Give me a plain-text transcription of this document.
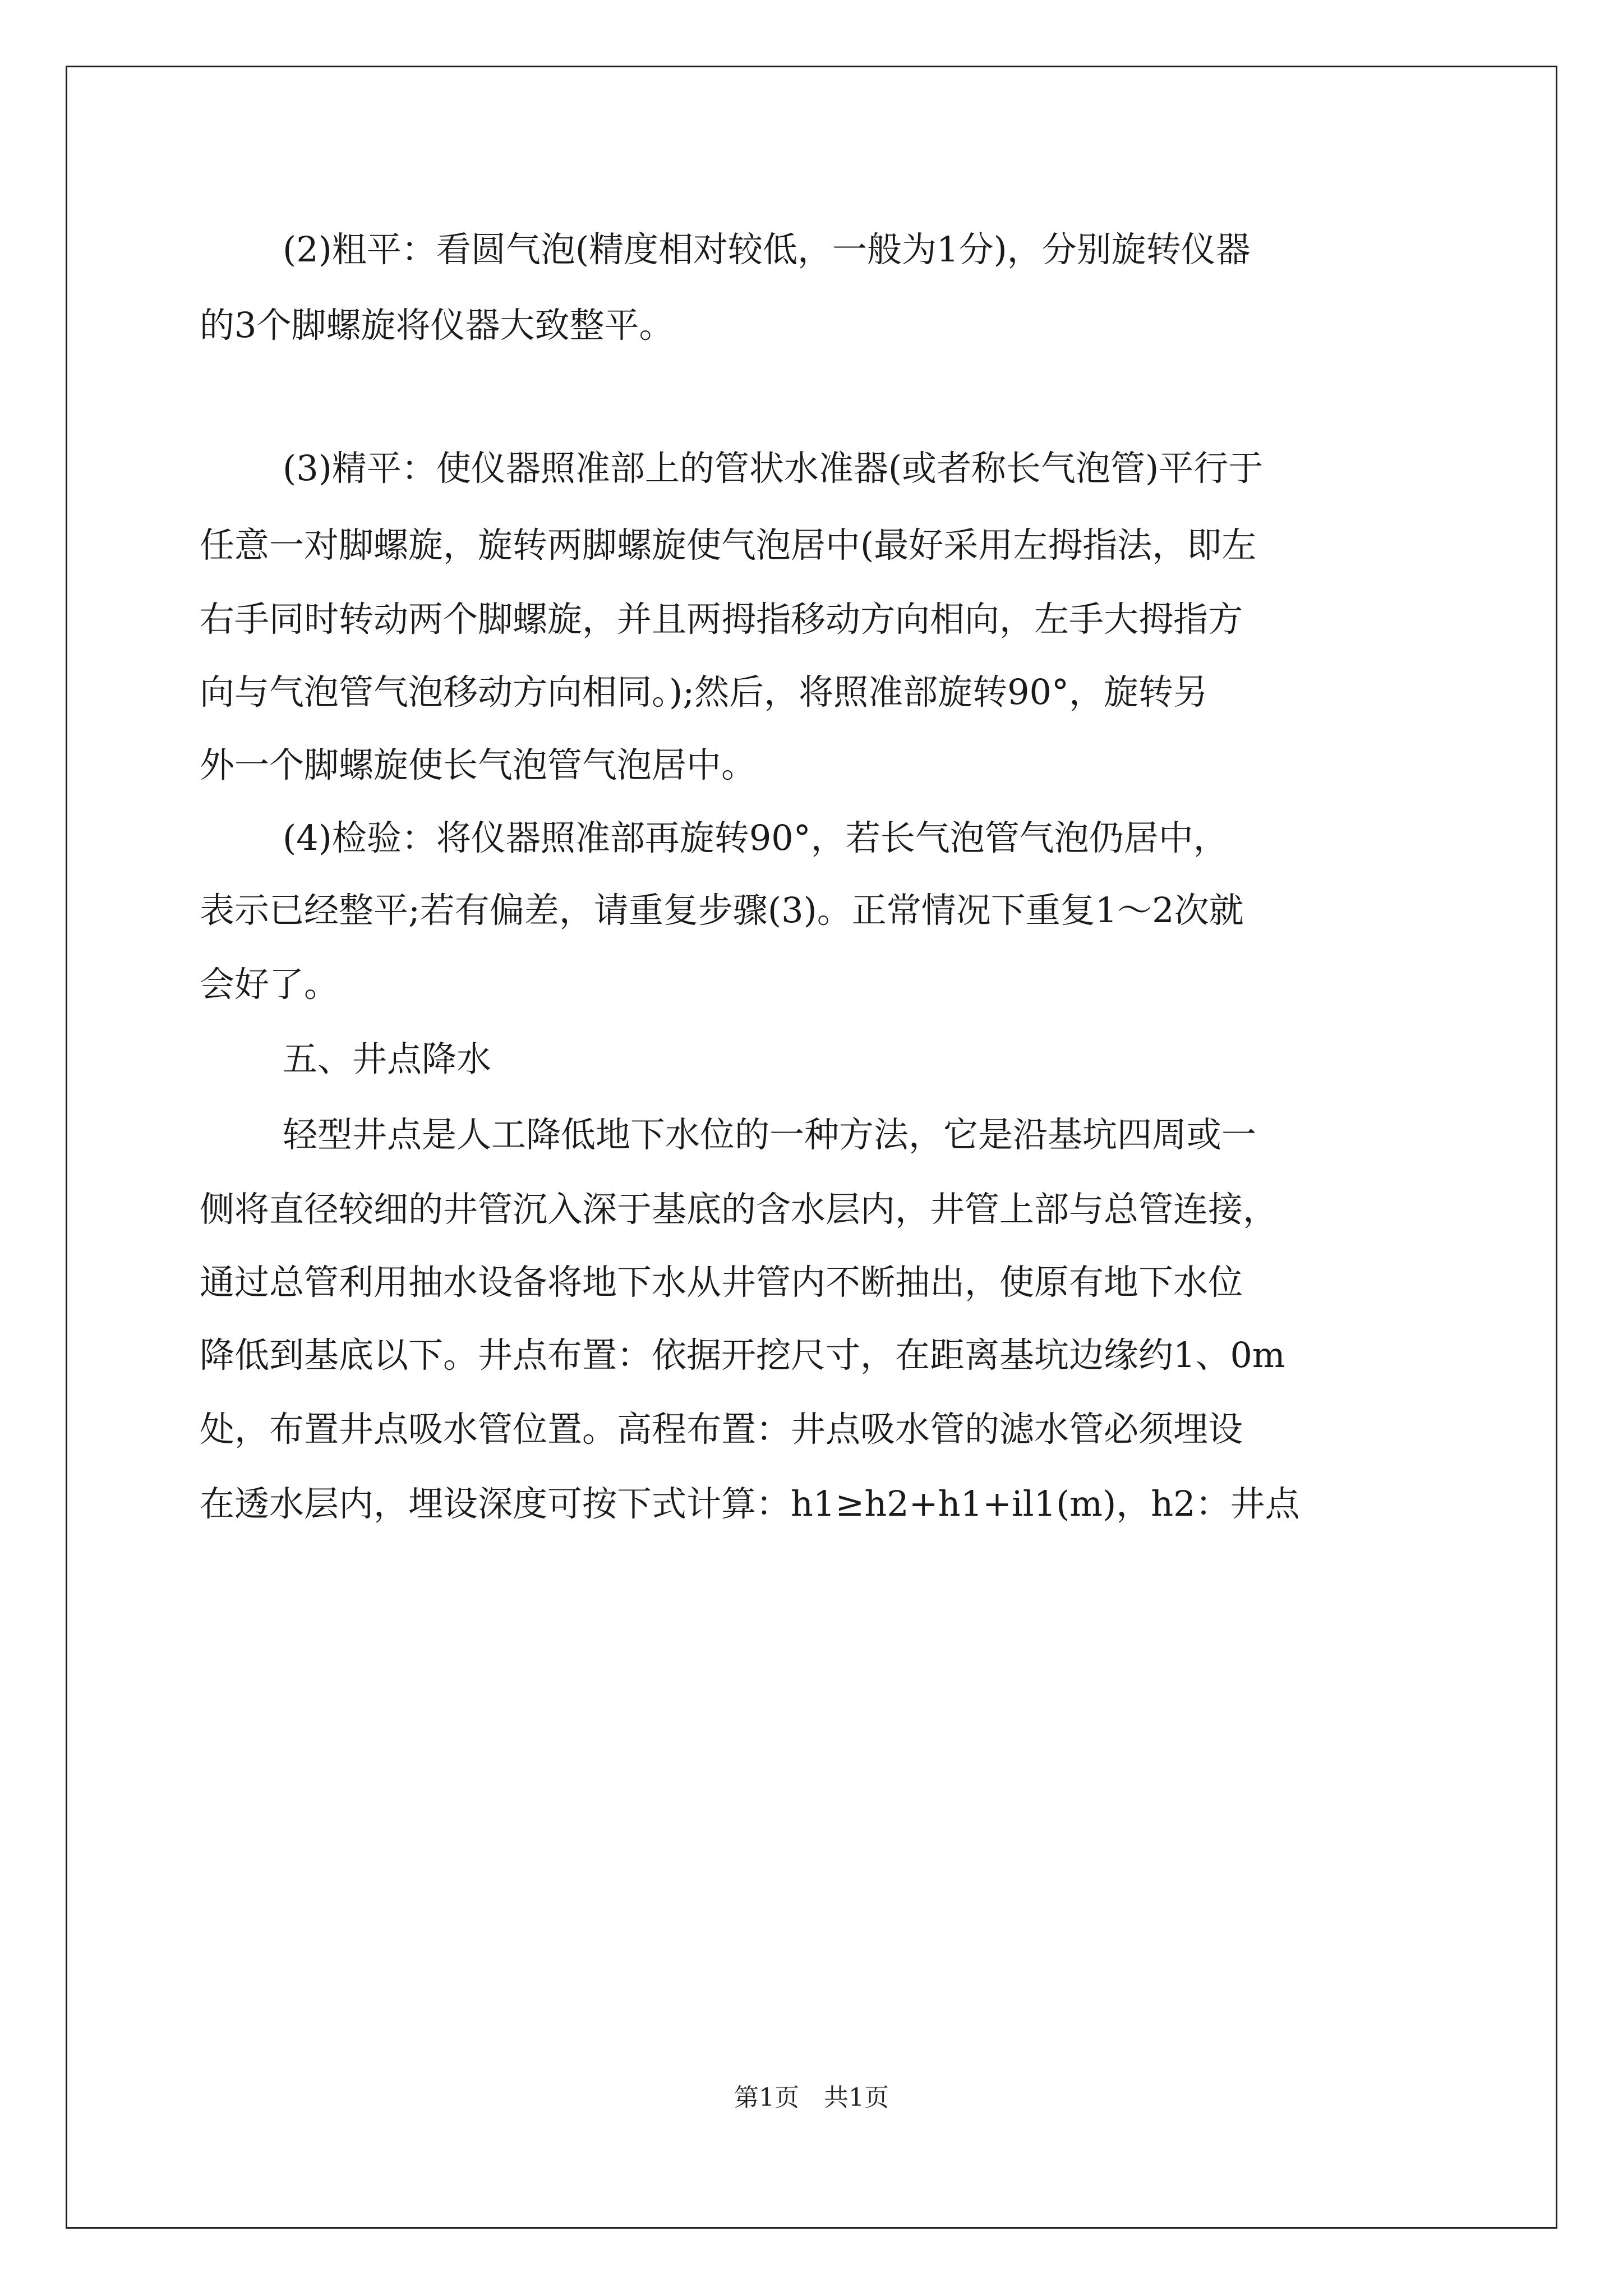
(2)粗平：看圆气泡(精度相对较低，一般为1分)，分别旋转仪器
的3个脚螺旋将仪器大致整平。
(3)精平：使仪器照准部上的管状水准器(或者称长气泡管)平行于
任意一对脚螺旋，旋转两脚螺旋使气泡居中(最好采用左拇指法，即左
右手同时转动两个脚螺旋，并且两拇指移动方向相向，左手大拇指方
向与气泡管气泡移动方向相同。);然后，将照准部旋转90°，旋转另
外一个脚螺旋使长气泡管气泡居中。
(4)检验：将仪器照准部再旋转90°，若长气泡管气泡仍居中，
表示已经整平;若有偏差，请重复步骤(3)。正常情况下重复1～2次就
会好了。
五、井点降水
轻型井点是人工降低地下水位的一种方法，它是沿基坑四周或一
侧将直径较细的井管沉入深于基底的含水层内，井管上部与总管连接，
通过总管利用抽水设备将地下水从井管内不断抽出，使原有地下水位
降低到基底以下。井点布置：依据开挖尺寸，在距离基坑边缘约1、0m
处，布置井点吸水管位置。高程布置：井点吸水管的滤水管必须埋设
在透水层内，埋设深度可按下式计算：h1≥h2+h1+il1(m)，h2：井点
第1页　共1页
